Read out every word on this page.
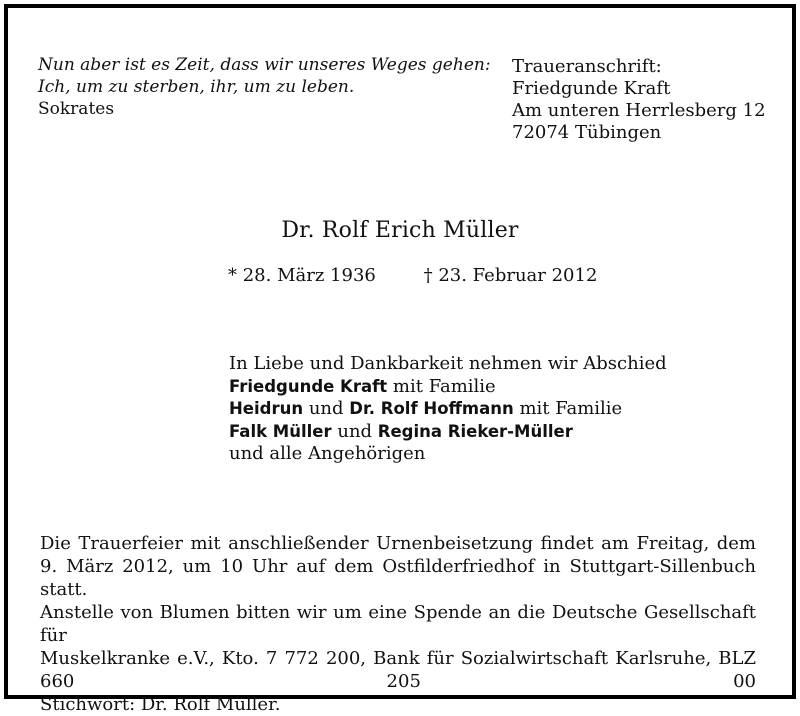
Nun aber ist es Zeit, dass wir unseres Weges gehen:
Ich, um zu sterben, ihr, um zu leben.
Sokrates
Traueranschrift:
Friedgunde Kraft
Am unteren Herrlesberg 12
72074 Tübingen
Dr. Rolf Erich Müller
* 28. März 1936	† 23. Februar 2012
In Liebe und Dankbarkeit nehmen wir Abschied
Friedgunde Kraft mit Familie
Heidrun und Dr. Rolf Hoffmann mit Familie
Falk Müller und Regina Rieker-Müller
und alle Angehörigen
Die Trauerfeier mit anschließender Urnenbeisetzung findet am Freitag, dem
9. März 2012, um 10 Uhr auf dem Ostfilderfriedhof in Stuttgart-Sillenbuch statt.
Anstelle von Blumen bitten wir um eine Spende an die Deutsche Gesellschaft für
Muskelkranke e.V., Kto. 7 772 200, Bank für Sozialwirtschaft Karlsruhe, BLZ 660 205 00
Stichwort: Dr. Rolf Müller.
